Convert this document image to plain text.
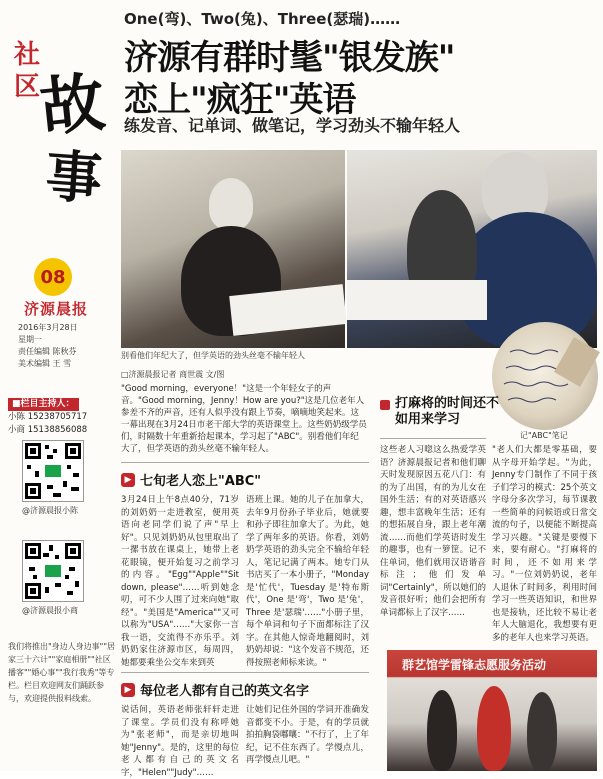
社
区
故
事
08
济源晨报
2016年3月28日
星期一
责任编辑 陈秋芬
美术编辑 王 雪
■栏目主持人：
小陈 15238705717
小商 15138856088
@济源晨报小陈
@济源晨报小商
我们将推出"身边人身边事""居家三十六计""家庭相册""社区播客""婚心事""我行我秀"等专栏。栏目欢迎网友们踊跃参与，欢迎提供报料线索。
One(弯)、Two(兔)、Three(瑟瑞)……
济源有群时髦"银发族"
恋上"疯狂"英语
练发音、记单词、做笔记，学习劲头不输年轻人
别看他们年纪大了，但学英语的劲头丝毫不输年轻人
记"ABC"笔记
□济源晨报记者 商世震 文/图
"Good morning，everyone！"这是一个年轻女子的声音。"Good morning，Jenny！How are you?"这是几位老年人参差不齐的声音，还有人似乎没有跟上节奏，嘀嘀地笑起来。这一幕出现在3月24日市老干部大学的英语课堂上。这些奶奶级学员们，时隔数十年重新拾起课本，学习起了"ABC"。别看他们年纪大了，但学英语的劲头丝毫不输年轻人。
▶ 七旬老人恋上"ABC"
3月24日上午8点40分，71岁的刘奶奶一走进教室，便用英语向老同学们说了声"早上好"。只见刘奶奶从包里取出了一摞书放在课桌上，她带上老花眼镜，便开始复习之前学习的内容。"Egg""Apple""Sit down, please"……听到她念叨，可不少人围了过来向她"取经"。"美国是"America""又可以称为"USA"……"大家你一言我一语，交流得不亦乐乎。刘奶奶家住济源市区，每周四，她都要乘坐公交车来到英
语班上课。她的儿子在加拿大，去年9月份孙子毕业后，她就要和孙子即往加拿大了。为此，她学了两年多的英语。你看，刘奶奶学英语的劲头完全不输给年轻人，笔记记满了两本。她专门从书店买了一本小册子，"Monday 是'忙代'，Tuesday 是'特布斯代'，One 是'弯'，Two 是'兔'，Three 是'瑟瑞'……"小册子里，每个单词和句子下面都标注了汉字。在其他人惊奇地翻阅时，刘奶奶却说："这个发音不规范，还得按照老师标来读。"
▶ 每位老人都有自己的英文名字
说话间，英语老师张轩轩走进了课堂。学员们没有称呼她为"张老师"，而是亲切地叫她"Jenny"。是的，这里的每位老人都有自己的英文名字，"Helen""Judy"……
让她们记住外国的学词开准确发音都变不小。于是，有的学员就拍拍胸袋嘟嚷："不行了，上了年纪，记不住东西了。学慢点儿，再学慢点儿吧。"
打麻将的时间还不如用来学习
这些老人习唿这么热爱学英语？济源晨报记者和他们聊天时发现原因五花八门：有的为了出国，有的为儿女在国外生活；有的对英语感兴趣，想丰富晚年生活；还有的想拓展自身，跟上老年潮流……而他们学英语时发生的趣事，也有一箩筐。记不住单词，他们就用汉语谐音标注；他们发单词"Certainly"，所以她们的发音很好听；他们会把所有单词都标上了汉字……
"老人们大都是零基础，要从字母开始学起。"为此，Jenny专门制作了不同于孩子们学习的模式：25个英文字母分多次学习，每节课教一些简单的问候语或日常交流的句子，以便能不断提高学习兴趣。"关键是要慢下来，要有耐心。"打麻将的时间，还不如用来学习。"一位刘奶奶说，老年人退休了时间多，利用时间学习一些英语知识，和世界也是接轨，还比较不易让老年人大脑退化，我想要有更多的老年人也来学习英语。
群艺馆学雷锋志愿服务活动
